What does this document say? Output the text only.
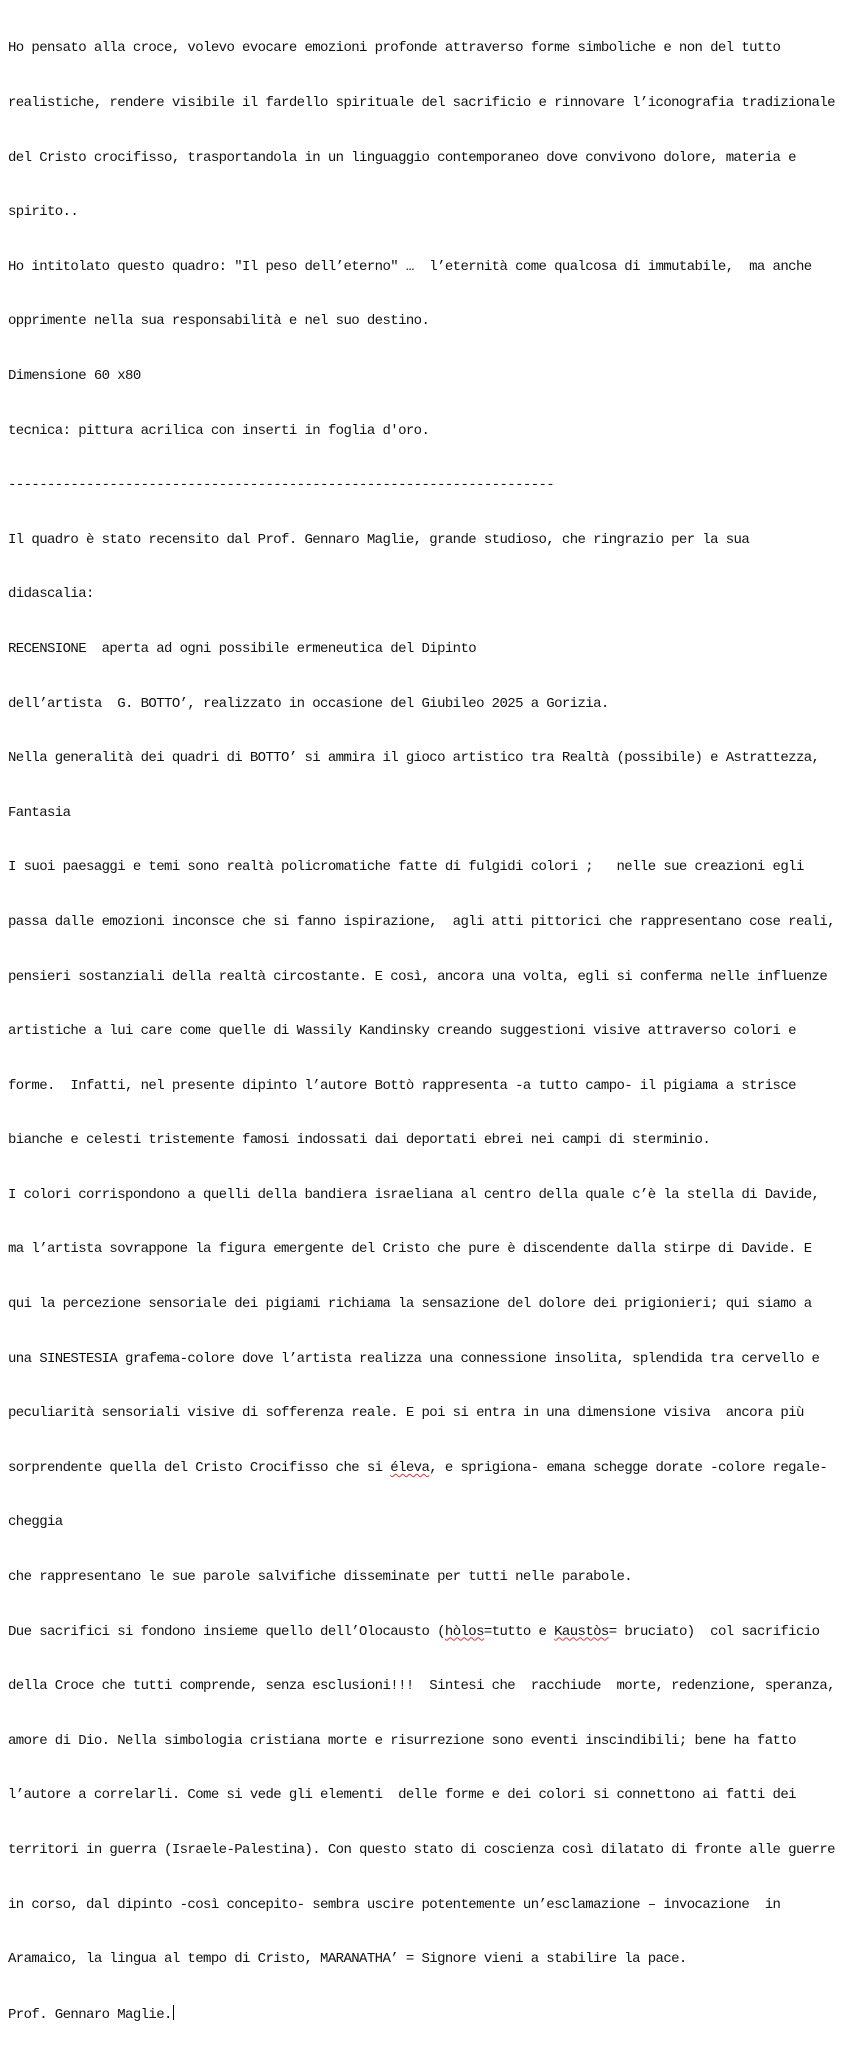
Ho pensato alla croce, volevo evocare emozioni profonde attraverso forme simboliche e non del tutto

realistiche, rendere visibile il fardello spirituale del sacrificio e rinnovare l’iconografia tradizionale

del Cristo crocifisso, trasportandola in un linguaggio contemporaneo dove convivono dolore, materia e

spirito..

Ho intitolato questo quadro: "Il peso dell’eterno" …  l’eternità come qualcosa di immutabile,  ma anche

opprimente nella sua responsabilità e nel suo destino.

Dimensione 60 x80

tecnica: pittura acrilica con inserti in foglia d'oro.

----------------------------------------------------------------------

Il quadro è stato recensito dal Prof. Gennaro Maglie, grande studioso, che ringrazio per la sua

didascalia:

RECENSIONE  aperta ad ogni possibile ermeneutica del Dipinto

dell’artista  G. BOTTO’, realizzato in occasione del Giubileo 2025 a Gorizia.

Nella generalità dei quadri di BOTTO’ si ammira il gioco artistico tra Realtà (possibile) e Astrattezza,

Fantasia

I suoi paesaggi e temi sono realtà policromatiche fatte di fulgidi colori ;   nelle sue creazioni egli

passa dalle emozioni inconsce che si fanno ispirazione,  agli atti pittorici che rappresentano cose reali,

pensieri sostanziali della realtà circostante. E così, ancora una volta, egli si conferma nelle influenze

artistiche a lui care come quelle di Wassily Kandinsky creando suggestioni visive attraverso colori e

forme.  Infatti, nel presente dipinto l’autore Bottò rappresenta -a tutto campo- il pigiama a strisce

bianche e celesti tristemente famosi indossati dai deportati ebrei nei campi di sterminio.

I colori corrispondono a quelli della bandiera israeliana al centro della quale c’è la stella di Davide,

ma l’artista sovrappone la figura emergente del Cristo che pure è discendente dalla stirpe di Davide. E

qui la percezione sensoriale dei pigiami richiama la sensazione del dolore dei prigionieri; qui siamo a

una SINESTESIA grafema-colore dove l’artista realizza una connessione insolita, splendida tra cervello e

peculiarità sensoriali visive di sofferenza reale. E poi si entra in una dimensione visiva  ancora più

sorprendente quella del Cristo Crocifisso che si éleva, e sprigiona- emana schegge dorate -colore regale-

cheggia

che rappresentano le sue parole salvifiche disseminate per tutti nelle parabole.

Due sacrifici si fondono insieme quello dell’Olocausto (hòlos=tutto e Kaustòs= bruciato)  col sacrificio

della Croce che tutti comprende, senza esclusioni!!!  Sintesi che  racchiude  morte, redenzione, speranza,

amore di Dio. Nella simbologia cristiana morte e risurrezione sono eventi inscindibili; bene ha fatto

l’autore a correlarli. Come si vede gli elementi  delle forme e dei colori si connettono ai fatti dei

territori in guerra (Israele-Palestina). Con questo stato di coscienza così dilatato di fronte alle guerre

in corso, dal dipinto -così concepito- sembra uscire potentemente un’esclamazione – invocazione  in

Aramaico, la lingua al tempo di Cristo, MARANATHA’ = Signore vieni a stabilire la pace.

Prof. Gennaro Maglie.
